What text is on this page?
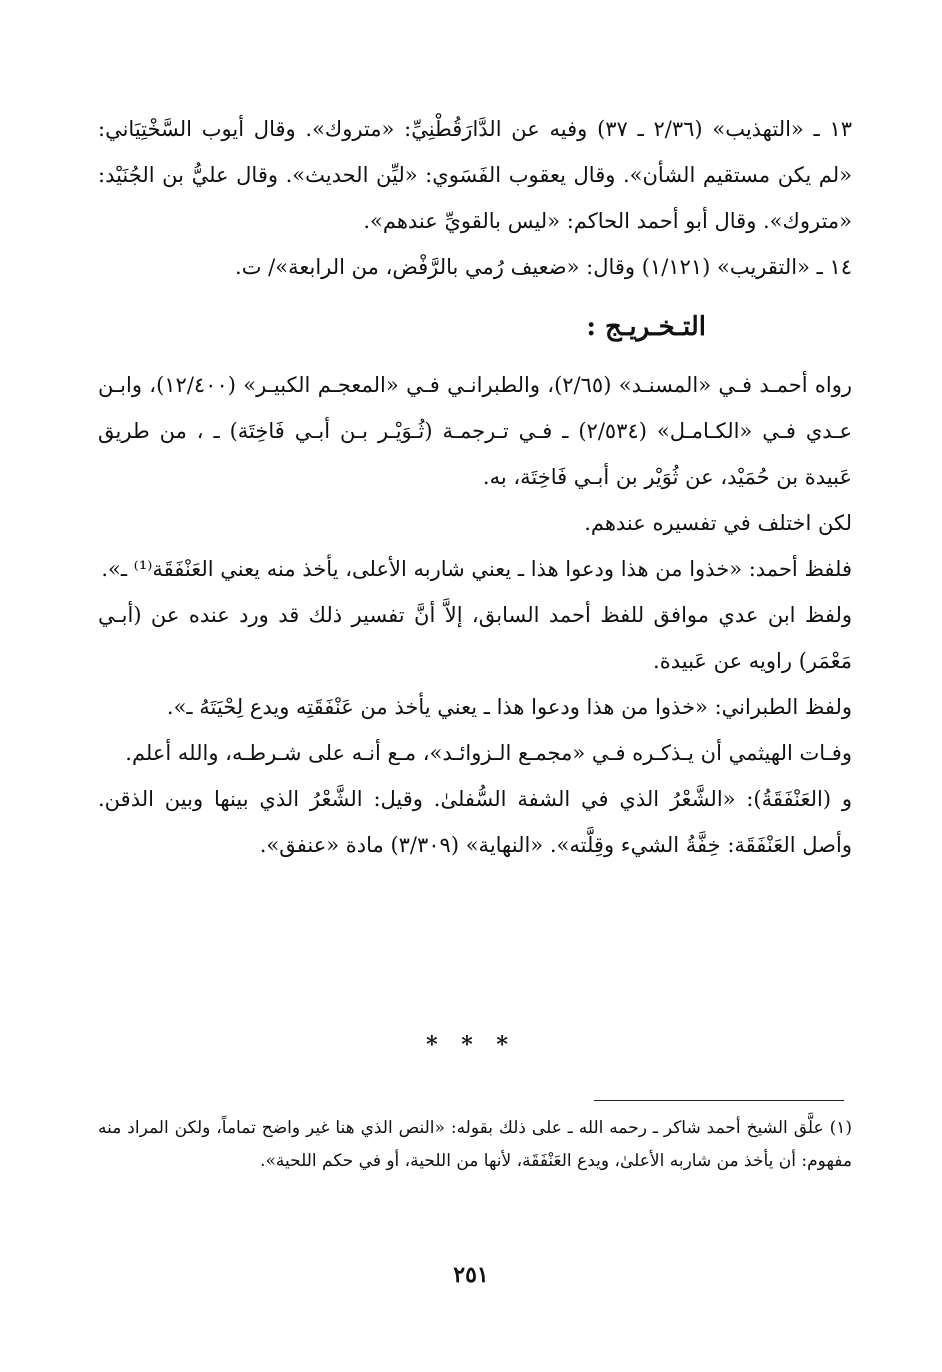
١٣ ـ «التهذيب» (٢/٣٦ ـ ٣٧) وفيه عن الدَّارَقُطْنِيِّ: «متروك». وقال أيوب السَّخْتِيَاني: «لم يكن مستقيم الشأن». وقال يعقوب الفَسَوي: «ليِّن الحديث». وقال عليُّ بن الجُنَيْد: «متروك». وقال أبو أحمد الحاكم: «ليس بالقويِّ عندهم».

١٤ ـ «التقريب» (١/١٢١) وقال: «ضعيف رُمي بالرَّفْض، من الرابعة»/ ت.

التـخـريـج :

رواه أحمـد فـي «المسنـد» (٢/٦٥)، والطبرانـي فـي «المعجـم الكبيـر» (١٢/٤٠٠)، وابـن عـدي فـي «الكـامـل» (٢/٥٣٤) ـ فـي تـرجمـة (ثُـوَيْـر بـن أبـي فَاخِتَة) ـ ، من طريق عَبيدة بن حُمَيْد، عن ثُوَيْر بن أبـي فَاخِتَة، به.

لكن اختلف في تفسيره عندهم.

فلفظ أحمد: «خذوا من هذا ودعوا هذا ـ يعني شاربه الأعلى، يأخذ منه يعني العَنْفَقَة⁽¹⁾ ـ».

ولفظ ابن عدي موافق للفظ أحمد السابق، إلاَّ أنَّ تفسير ذلك قد ورد عنده عن (أبـي مَعْمَر) راويه عن عَبيدة.

ولفظ الطبراني: «خذوا من هذا ودعوا هذا ـ يعني يأخذ من عَنْفَقَتِه ويدع لِحْيَتَهُ ـ».

وفـات الهيثمي أن يـذكـره فـي «مجمـع الـزوائـد»، مـع أنـه على شـرطـه، والله أعلم.

و (العَنْفَقَةُ): «الشَّعْرُ الذي في الشفة السُّفلىٰ. وقيل: الشَّعْرُ الذي بينها وبين الذقن. وأصل العَنْفَقَة: خِفَّةُ الشيء وقِلَّته». «النهاية» (٣/٣٠٩) مادة «عنفق».

* * *
(١) علَّق الشيخ أحمد شاكر ـ رحمه الله ـ على ذلك بقوله: «النص الذي هنا غير واضح تماماً، ولكن المراد منه مفهوم: أن يأخذ من شاربه الأعلىٰ، ويدع العَنْفَقَة، لأنها من اللحية، أو في حكم اللحية».
٢٥١
